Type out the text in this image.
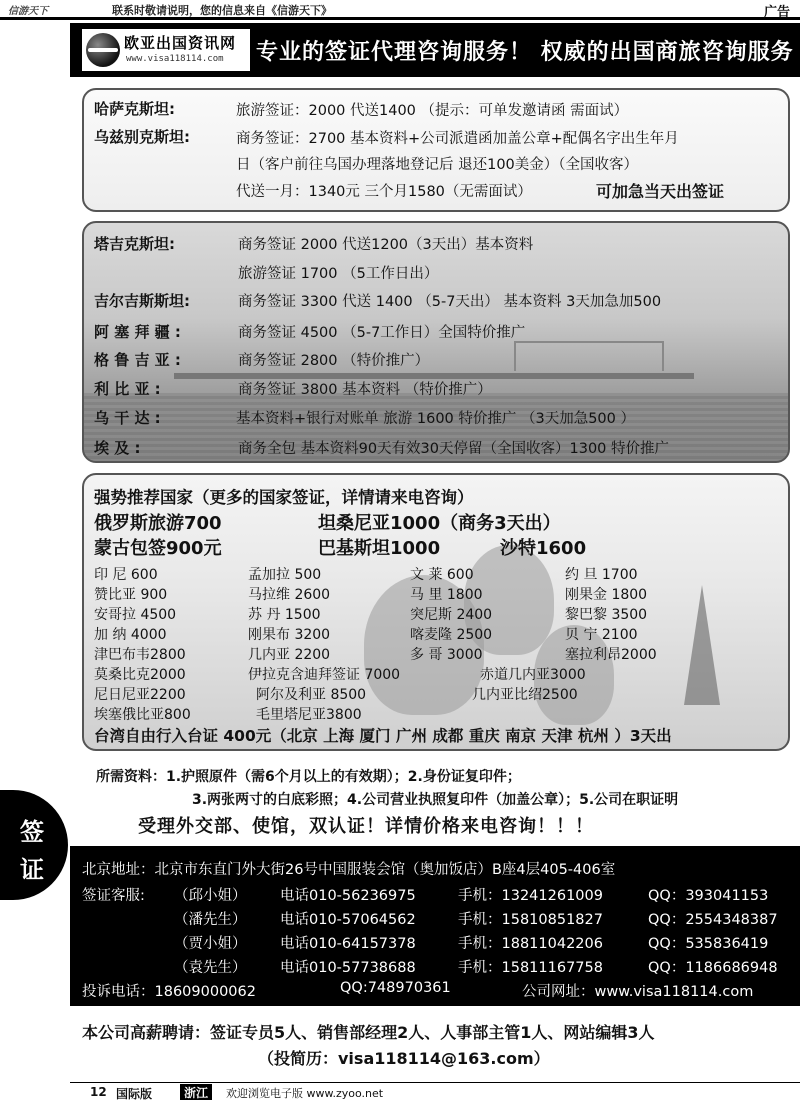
信游天下	联系时敬请说明，您的信息来自《信游天下》	广告
欧亚出国资讯网
www.visa118114.com 专业的签证代理咨询服务！ 权威的出国商旅咨询服务
哈萨克斯坦:	旅游签证：2000 代送1400 （提示：可单发邀请函 需面试）
乌兹别克斯坦:	商务签证：2700 基本资料+公司派遣函加盖公章+配偶名字出生年月
日（客户前往乌国办理落地登记后 退还100美金）（全国收客）
代送一月：1340元 三个月1580（无需面试）	可加急当天出签证
塔吉克斯坦:	商务签证 2000 代送1200（3天出）基本资料
旅游签证 1700 （5工作日出）
吉尔吉斯斯坦:	商务签证 3300 代送 1400 （5-7天出） 基本资料 3天加急加500
阿 塞 拜 疆 :	商务签证 4500 （5-7工作日）全国特价推广
格 鲁 吉 亚 :	商务签证 2800 （特价推广）
利 比 亚 :	商务签证 3800 基本资料 （特价推广）
乌 干 达 :	基本资料+银行对账单 旅游 1600 特价推广 （3天加急500 ）
埃 及 :	商务全包 基本资料90天有效30天停留（全国收客）1300 特价推广
强势推荐国家（更多的国家签证，详情请来电咨询）
俄罗斯旅游700	坦桑尼亚1000（商务3天出）
蒙古包签900元	巴基斯坦1000	沙特1600
印 尼 600	孟加拉 500	文 莱 600	约 旦 1700
赞比亚 900	马拉维 2600	马 里 1800	刚果金 1800
安哥拉 4500	苏 丹 1500	突尼斯 2400	黎巴黎 3500
加 纳 4000	刚果布 3200	喀麦隆 2500	贝 宁 2100
津巴布韦2800	几内亚 2200	多 哥 3000	塞拉利昂2000
莫桑比克2000	伊拉克含迪拜签证 7000	赤道几内亚3000
尼日尼亚2200	阿尔及利亚 8500	几内亚比绍2500
埃塞俄比亚800	毛里塔尼亚3800
台湾自由行入台证 400元（北京 上海 厦门 广州 成都 重庆 南京 天津 杭州 ）3天出
所需资料：1.护照原件（需6个月以上的有效期）；2.身份证复印件；
3.两张两寸的白底彩照；4.公司营业执照复印件（加盖公章）；5.公司在职证明
受理外交部、使馆，双认证！详情价格来电咨询！！！
签
证	北京地址：北京市东直门外大街26号中国服装会馆（奥加饭店）B座4层405-406室
签证客服: （邱小姐） 电话010-56236975	手机：13241261009	QQ：393041153
（潘先生） 电话010-57064562	手机：15810851827	QQ：2554348387
（贾小姐） 电话010-64157378	手机：18811042206	QQ：535836419
（袁先生） 电话010-57738688	手机：15811167758	QQ：1186686948
投诉电话：18609000062	QQ:748970361	公司网址：www.visa118114.com
本公司高薪聘请：签证专员5人、销售部经理2人、人事部主管1人、网站编辑3人
（投简历：visa118114@163.com）
12 国际版	浙江	欢迎浏览电子版 www.zyoo.net
